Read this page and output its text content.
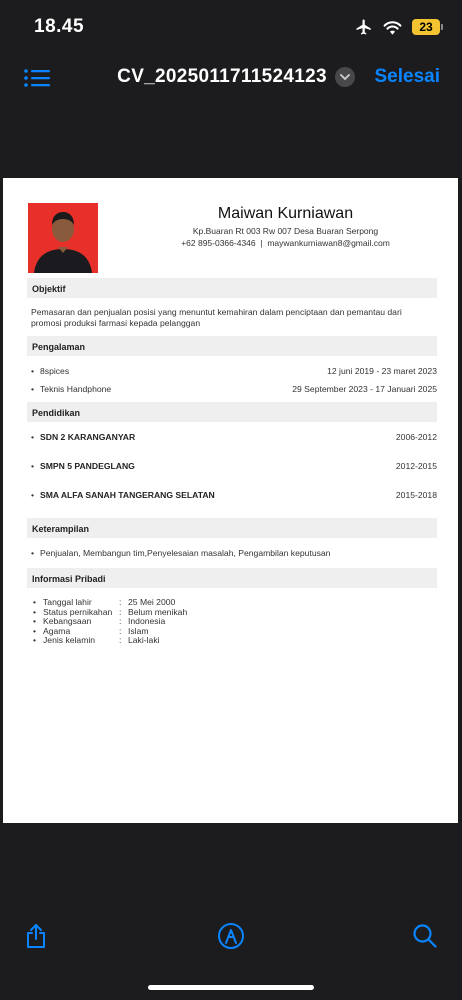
18.45	23
CV_2025011711524123	Selesai
Maiwan Kurniawan
Kp.Buaran Rt 003 Rw 007 Desa Buaran Serpong
+62 895-0366-4346 | maywankurniawan8@gmail.com
Objektif
Pemasaran dan penjualan posisi yang menuntut kemahiran dalam penciptaan dan pemantau dari promosi produksi farmasi kepada pelanggan
Pengalaman
• 8spices	12 juni 2019 - 23 maret 2023
• Teknis Handphone	29 September 2023 - 17 Januari 2025
Pendidikan
• SDN 2 KARANGANYAR	2006-2012
• SMPN 5 PANDEGLANG	2012-2015
• SMA ALFA SANAH TANGERANG SELATAN	2015-2018
Keterampilan
• Penjualan, Membangun tim,Penyelesaian masalah, Pengambilan keputusan
Informasi Pribadi
• Tanggal lahir	: 25 Mei 2000
• Status pernikahan : Belum menikah
• Kebangsaan	: Indonesia
• Agama	: Islam
• Jenis kelamin	: Laki-laki
